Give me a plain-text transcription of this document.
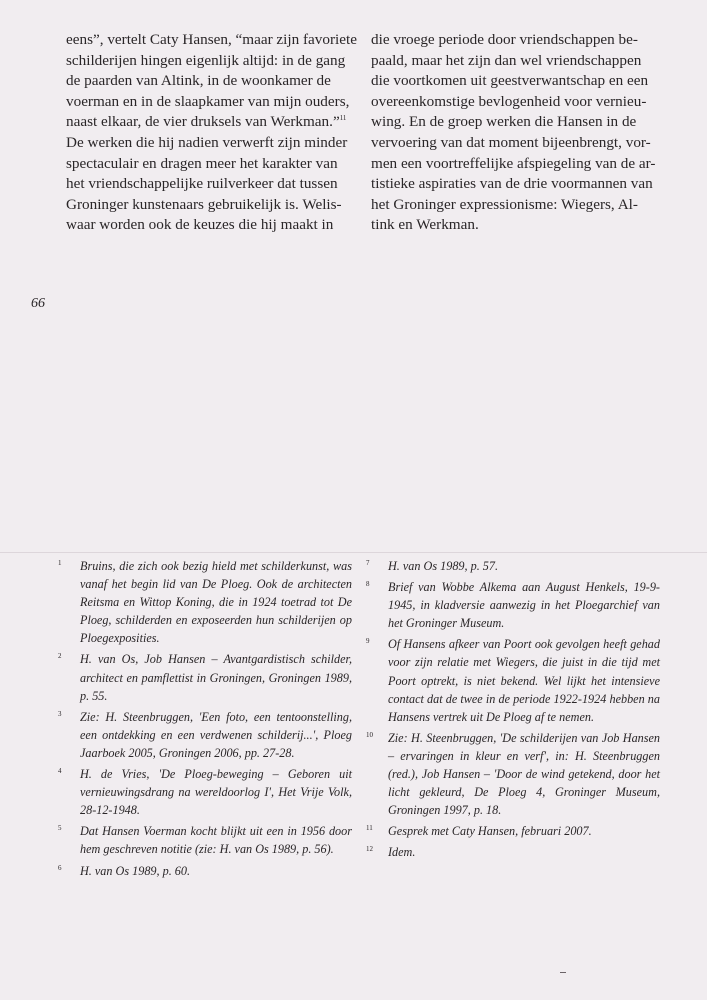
eens”, vertelt Caty Hansen, “maar zijn favoriete
schilderijen hingen eigenlijk altijd: in de gang
de paarden van Altink, in de woonkamer de
voerman en in de slaapkamer van mijn ouders,
naast elkaar, de vier druksels van Werkman.”$^{11}$
De werken die hij nadien verwerft zijn minder
spectaculair en dragen meer het karakter van
het vriendschappelijke ruilverkeer dat tussen
Groninger kunstenaars gebruikelijk is. Welis-
waar worden ook de keuzes die hij maakt in

die vroege periode door vriendschappen be-
paald, maar het zijn dan wel vriendschappen
die voortkomen uit geestverwantschap en een
overeenkomstige bevlogenheid voor vernieu-
wing. En de groep werken die Hansen in de
vervoering van dat moment bijeenbrengt, vor-
men een voortreffelijke afspiegeling van de ar-
tistieke aspiraties van de drie voormannen van
het Groninger expressionisme: Wiegers, Al-
tink en Werkman.

66

1	Bruins, die zich ook bezig hield met schilderkunst, was vanaf het begin lid van De Ploeg. Ook de architecten Reitsma en Wittop Koning, die in 1924 toetrad tot De Ploeg, schilderden en exposeerden hun schilderijen op Ploegexposities.

2	H. van Os, Job Hansen – Avantgardistisch schilder, architect en pamflettist in Groningen, Groningen 1989, p. 55.

3	Zie: H. Steenbruggen, 'Een foto, een tentoonstelling, een ontdekking en een verdwenen schilderij...', Ploeg Jaarboek 2005, Groningen 2006, pp. 27-28.

4	H. de Vries, 'De Ploeg-beweging – Geboren uit vernieuwingsdrang na wereldoorlog I', Het Vrije Volk, 28-12-1948.

5	Dat Hansen Voerman kocht blijkt uit een in 1956 door hem geschreven notitie (zie: H. van Os 1989, p. 56).

6	H. van Os 1989, p. 60.

7	H. van Os 1989, p. 57.

8	Brief van Wobbe Alkema aan August Henkels, 19-9-1945, in kladversie aanwezig in het Ploegarchief van het Groninger Museum.

9	Of Hansens afkeer van Poort ook gevolgen heeft gehad voor zijn relatie met Wiegers, die juist in die tijd met Poort optrekt, is niet bekend. Wel lijkt het intensieve contact dat de twee in de periode 1922-1924 hebben na Hansens vertrek uit De Ploeg af te nemen.

10	Zie: H. Steenbruggen, 'De schilderijen van Job Hansen – ervaringen in kleur en verf', in: H. Steenbruggen (red.), Job Hansen – 'Door de wind getekend, door het licht gekleurd, De Ploeg 4, Groninger Museum, Groningen 1997, p. 18.

11	Gesprek met Caty Hansen, februari 2007.

12	Idem.
